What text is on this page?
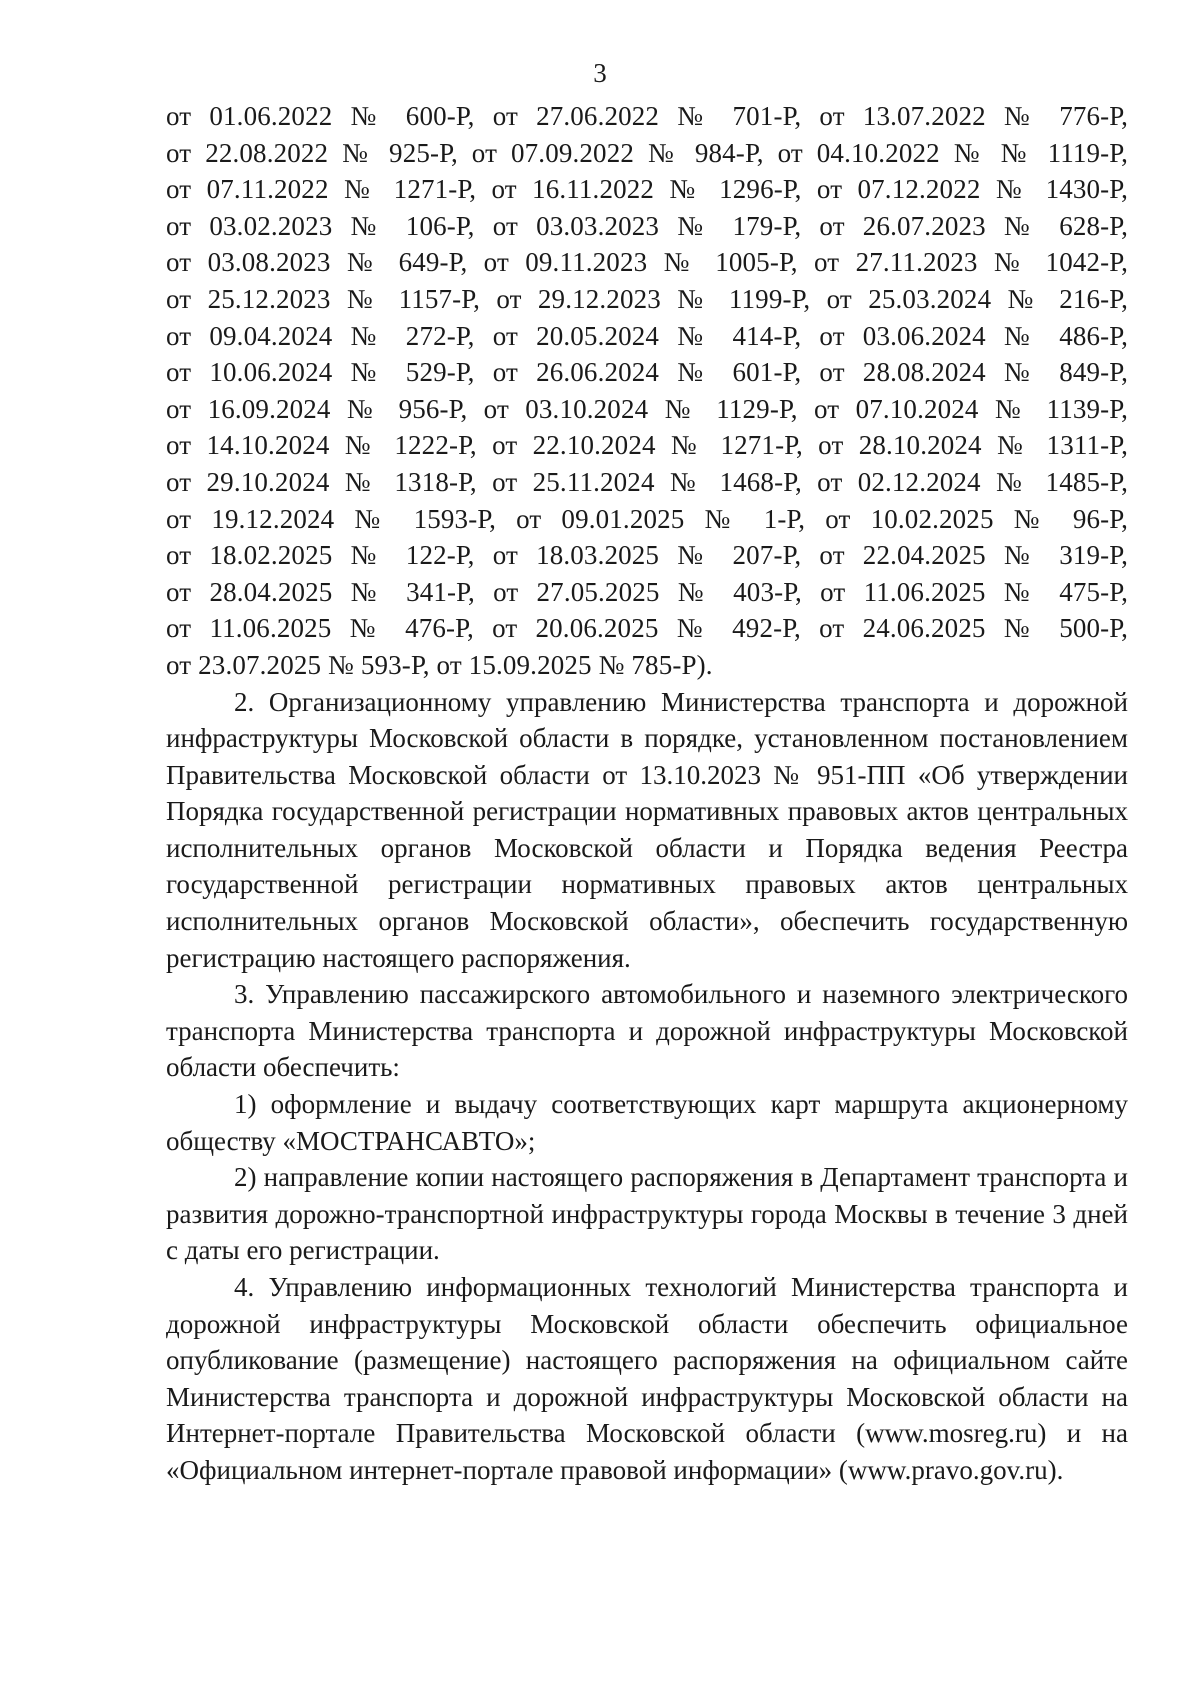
3
от 01.06.2022 № 600-Р, от 27.06.2022 № 701-Р, от 13.07.2022 № 776-Р,
от 22.08.2022 № 925-Р, от 07.09.2022 № 984-Р, от 04.10.2022 № № 1119-Р,
от 07.11.2022 № 1271-Р, от 16.11.2022 № 1296-Р, от 07.12.2022 № 1430-Р,
от 03.02.2023 № 106-Р, от 03.03.2023 № 179-Р, от 26.07.2023 № 628-Р,
от 03.08.2023 № 649-Р, от 09.11.2023 № 1005-Р, от 27.11.2023 № 1042-Р,
от 25.12.2023 № 1157-Р, от 29.12.2023 № 1199-Р, от 25.03.2024 № 216-Р,
от 09.04.2024 № 272-Р, от 20.05.2024 № 414-Р, от 03.06.2024 № 486-Р,
от 10.06.2024 № 529-Р, от 26.06.2024 № 601-Р, от 28.08.2024 № 849-Р,
от 16.09.2024 № 956-Р, от 03.10.2024 № 1129-Р, от 07.10.2024 № 1139-Р,
от 14.10.2024 № 1222-Р, от 22.10.2024 № 1271-Р, от 28.10.2024 № 1311-Р,
от 29.10.2024 № 1318-Р, от 25.11.2024 № 1468-Р, от 02.12.2024 № 1485-Р,
от 19.12.2024 № 1593-Р, от 09.01.2025 № 1-Р, от 10.02.2025 № 96-Р,
от 18.02.2025 № 122-Р, от 18.03.2025 № 207-Р, от 22.04.2025 № 319-Р,
от 28.04.2025 № 341-Р, от 27.05.2025 № 403-Р, от 11.06.2025 № 475-Р,
от 11.06.2025 № 476-Р, от 20.06.2025 № 492-Р, от 24.06.2025 № 500-Р,
от 23.07.2025 № 593-Р, от 15.09.2025 № 785-Р).

2. Организационному управлению Министерства транспорта и дорожной инфраструктуры Московской области в порядке, установленном постановлением Правительства Московской области от 13.10.2023 № 951-ПП «Об утверждении Порядка государственной регистрации нормативных правовых актов центральных исполнительных органов Московской области и Порядка ведения Реестра государственной регистрации нормативных правовых актов центральных исполнительных органов Московской области», обеспечить государственную регистрацию настоящего распоряжения.

3. Управлению пассажирского автомобильного и наземного электрического транспорта Министерства транспорта и дорожной инфраструктуры Московской области обеспечить:

1) оформление и выдачу соответствующих карт маршрута акционерному обществу «МОСТРАНСАВТО»;

2) направление копии настоящего распоряжения в Департамент транспорта и развития дорожно-транспортной инфраструктуры города Москвы в течение 3 дней с даты его регистрации.

4. Управлению информационных технологий Министерства транспорта и дорожной инфраструктуры Московской области обеспечить официальное опубликование (размещение) настоящего распоряжения на официальном сайте Министерства транспорта и дорожной инфраструктуры Московской области на Интернет-портале Правительства Московской области (www.mosreg.ru) и на «Официальном интернет-портале правовой информации» (www.pravo.gov.ru).
